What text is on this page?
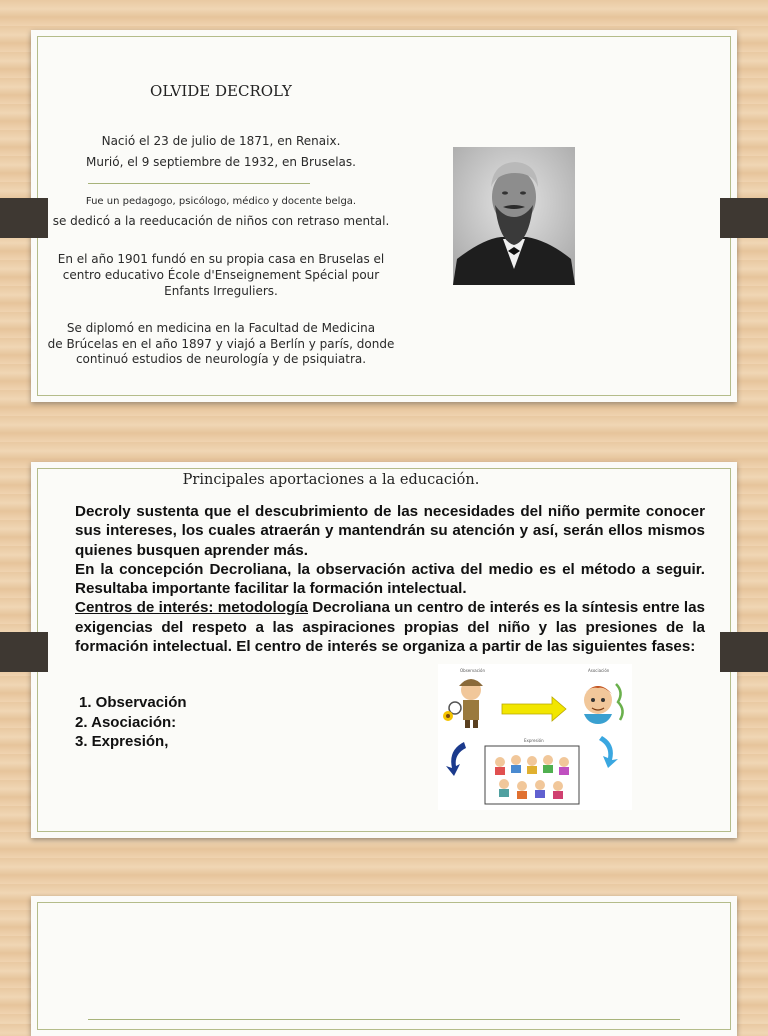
OLVIDE DECROLY
Nació el 23 de julio de 1871, en Renaix.
Murió, el 9 septiembre de 1932, en Bruselas.
Fue un pedagogo, psicólogo, médico y docente belga.
se dedicó a la reeducación de niños con retraso mental.
En el año 1901 fundó en su propia casa en Bruselas el
centro educativo École d'Enseignement Spécial pour
Enfants Irreguliers.
Se diplomó en medicina en la Facultad de Medicina
de Brúcelas en el año 1897 y viajó a Berlín y parís, donde
continuó estudios de neurología y de psiquiatra.
Principales aportaciones a la educación.

Decroly sustenta que el descubrimiento de las necesidades del niño permite conocer sus intereses, los cuales atraerán y mantendrán su atención y así, serán ellos mismos quienes busquen aprender más.

En la concepción Decroliana, la observación activa del medio es el método a seguir. Resultaba importante facilitar la formación intelectual.

Centros de interés: metodología Decroliana un centro de interés es la síntesis entre las exigencias del respeto a las aspiraciones propias del niño y las presiones de la formación intelectual. El centro de interés se organiza a partir de las siguientes fases:

1. Observación
2. Asociación:
3. Expresión,
Observación	Asociación
Expresión
